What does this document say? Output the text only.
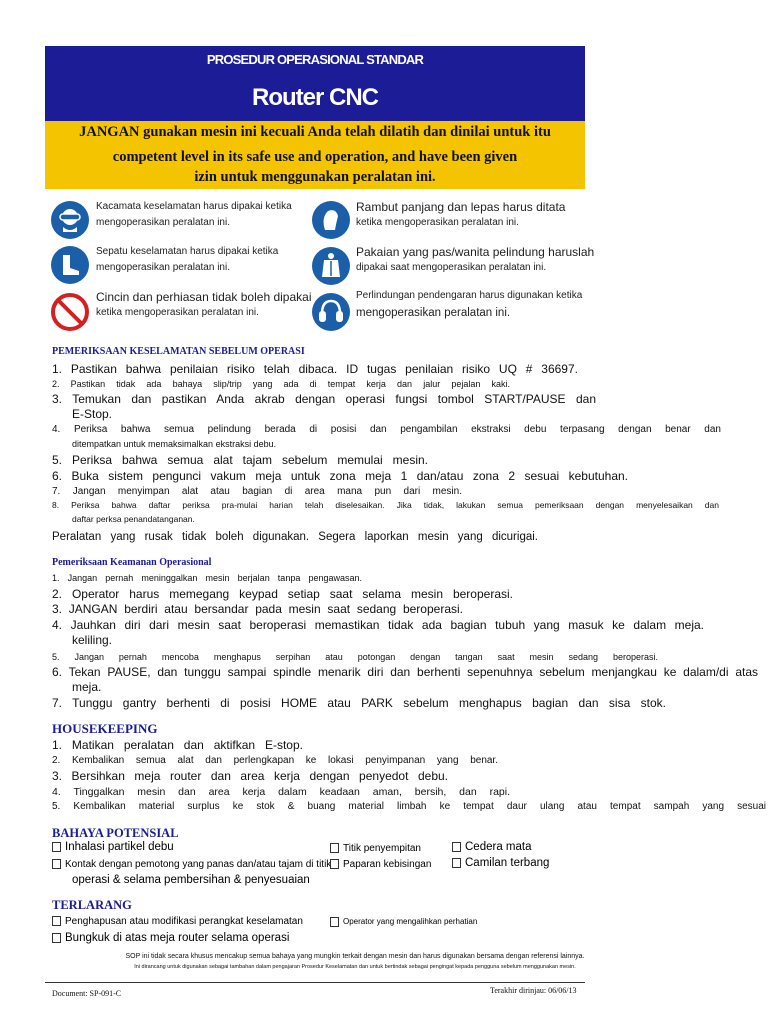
PROSEDUR OPERASIONAL STANDAR
Router CNC
JANGAN gunakan mesin ini kecuali Anda telah dilatih dan dinilai untuk itu
competent level in its safe use and operation, and have been given
izin untuk menggunakan peralatan ini.
Kacamata keselamatan harus dipakai ketika
mengoperasikan peralatan ini.
Sepatu keselamatan harus dipakai ketika
mengoperasikan peralatan ini.
Cincin dan perhiasan tidak boleh dipakai
ketika mengoperasikan peralatan ini.
Rambut panjang dan lepas harus ditata
ketika mengoperasikan peralatan ini.
Pakaian yang pas/wanita pelindung haruslah
dipakai saat mengoperasikan peralatan ini.
Perlindungan pendengaran harus digunakan ketika
mengoperasikan peralatan ini.
PEMERIKSAAN KESELAMATAN SEBELUM OPERASI
1. Pastikan bahwa penilaian risiko telah dibaca. ID tugas penilaian risiko UQ # 36697.
2. Pastikan tidak ada bahaya slip/trip yang ada di tempat kerja dan jalur pejalan kaki.
3. Temukan dan pastikan Anda akrab dengan operasi fungsi tombol START/PAUSE dan
E-Stop.
4. Periksa bahwa semua pelindung berada di posisi dan pengambilan ekstraksi debu terpasang dengan benar dan
ditempatkan untuk memaksimalkan ekstraksi debu.
5. Periksa bahwa semua alat tajam sebelum memulai mesin.
6. Buka sistem pengunci vakum meja untuk zona meja 1 dan/atau zona 2 sesuai kebutuhan.
7. Jangan menyimpan alat atau bagian di area mana pun dari mesin.
8. Periksa bahwa daftar periksa pra-mulai harian telah diselesaikan. Jika tidak, lakukan semua pemeriksaan dengan menyelesaikan dan
daftar perksa penandatanganan.
Peralatan yang rusak tidak boleh digunakan. Segera laporkan mesin yang dicurigai.
Pemeriksaan Keamanan Operasional
1. Jangan pernah meninggalkan mesin berjalan tanpa pengawasan.
2. Operator harus memegang keypad setiap saat selama mesin beroperasi.
3. JANGAN berdiri atau bersandar pada mesin saat sedang beroperasi.
4. Jauhkan diri dari mesin saat beroperasi memastikan tidak ada bagian tubuh yang masuk ke dalam meja.
keliling.
5. Jangan pernah mencoba menghapus serpihan atau potongan dengan tangan saat mesin sedang beroperasi.
6. Tekan PAUSE, dan tunggu sampai spindle menarik diri dan berhenti sepenuhnya sebelum menjangkau ke dalam/di atas
meja.
7. Tunggu gantry berhenti di posisi HOME atau PARK sebelum menghapus bagian dan sisa stok.
HOUSEKEEPING
1. Matikan peralatan dan aktifkan E-stop.
2. Kembalikan semua alat dan perlengkapan ke lokasi penyimpanan yang benar.
3. Bersihkan meja router dan area kerja dengan penyedot debu.
4. Tinggalkan mesin dan area kerja dalam keadaan aman, bersih, dan rapi.
5. Kembalikan material surplus ke stok & buang material limbah ke tempat daur ulang atau tempat sampah yang sesuai
BAHAYA POTENSIAL
Inhalasi partikel debu	Titik penyempitan	Cedera mata
Kontak dengan pemotong yang panas dan/atau tajam di titik	Paparan kebisingan	Camilan terbang
operasi & selama pembersihan & penyesuaian
TERLARANG
Penghapusan atau modifikasi perangkat keselamatan	Operator yang mengalihkan perhatian
Bungkuk di atas meja router selama operasi
SOP ini tidak secara khusus mencakup semua bahaya yang mungkin terkait dengan mesin dan harus digunakan bersama dengan referensi lainnya.
Ini dirancang untuk digunakan sebagai tambahan dalam pengajaran Prosedur Keselamatan dan untuk bertindak sebagai pengingat kepada pengguna sebelum menggunakan mesin.
Document: SP-091-C	Terakhir dirinjau: 06/06/13
